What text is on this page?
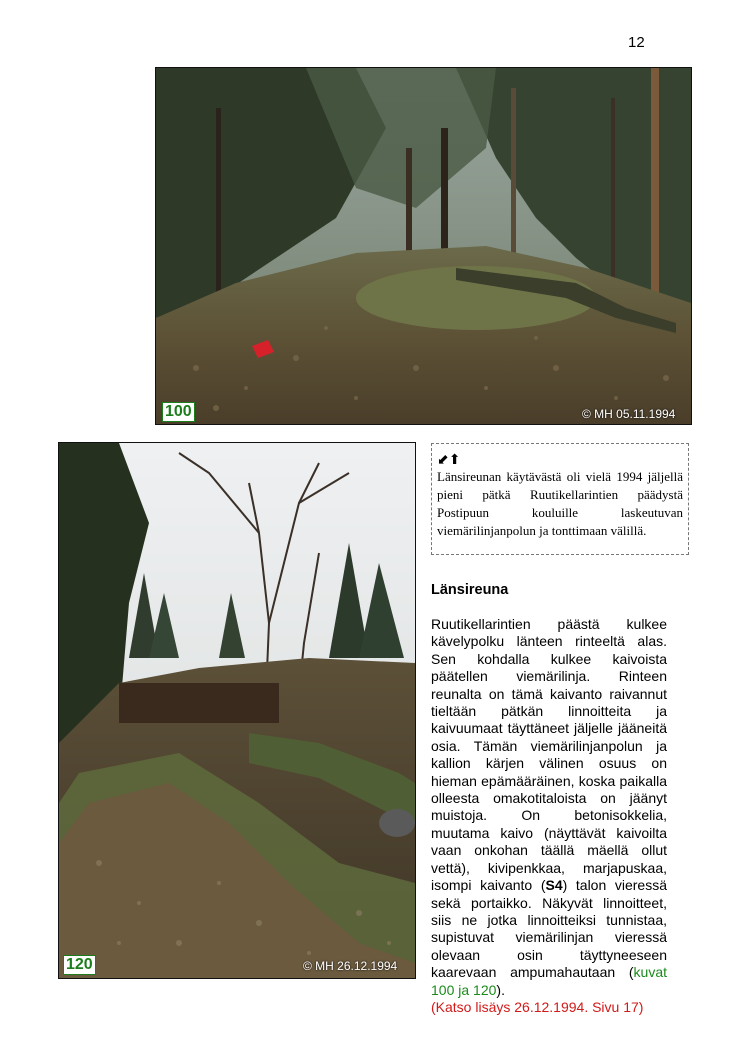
12
100	© MH 05.11.1994
120	© MH 26.12.1994
⬋⬆
Länsireunan käytävästä oli vielä 1994 jäljellä pieni pätkä Ruutikellarintien päädystä Postipuun kouluille laskeutuvan viemärilinjanpolun ja tonttimaan välillä.
Länsireuna
Ruutikellarintien päästä kulkee kävelypolku länteen rinteeltä alas. Sen kohdalla kulkee kaivoista päätellen viemärilinja. Rinteen reunalta on tämä kaivanto raivannut tieltään pätkän linnoitteita ja kaivuumaat täyttäneet jäljelle jääneitä osia. Tämän viemärilinjanpolun ja kallion kärjen välinen osuus on hieman epämääräinen, koska paikalla olleesta omakotitaloista on jäänyt muistoja. On betonisokkelia, muutama kaivo (näyttävät kaivoilta vaan onkohan täällä mäellä ollut vettä), kivipenkkaa, marjapuskaa, isompi kaivanto (S4) talon vieressä sekä portaikko. Näkyvät linnoitteet, siis ne jotka linnoitteiksi tunnistaa, supistuvat viemärilinjan vieressä olevaan osin täyttyneeseen kaarevaan ampumahautaan (kuvat 100 ja 120).
(Katso lisäys 26.12.1994. Sivu 17)
